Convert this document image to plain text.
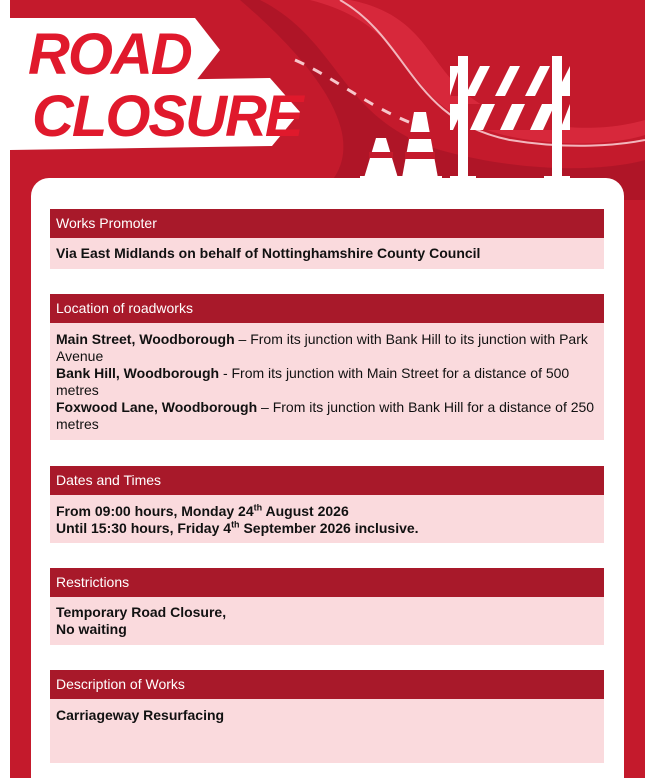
ROAD
CLOSURE
Works Promoter
Via East Midlands on behalf of Nottinghamshire County Council
Location of roadworks
Main Street, Woodborough – From its junction with Bank Hill to its junction with Park Avenue
Bank Hill, Woodborough - From its junction with Main Street for a distance of 500 metres
Foxwood Lane, Woodborough – From its junction with Bank Hill for a distance of 250 metres
Dates and Times
From 09:00 hours, Monday 24th August 2026
Until 15:30 hours, Friday 4th September 2026 inclusive.
Restrictions
Temporary Road Closure,
No waiting
Description of Works
Carriageway Resurfacing
